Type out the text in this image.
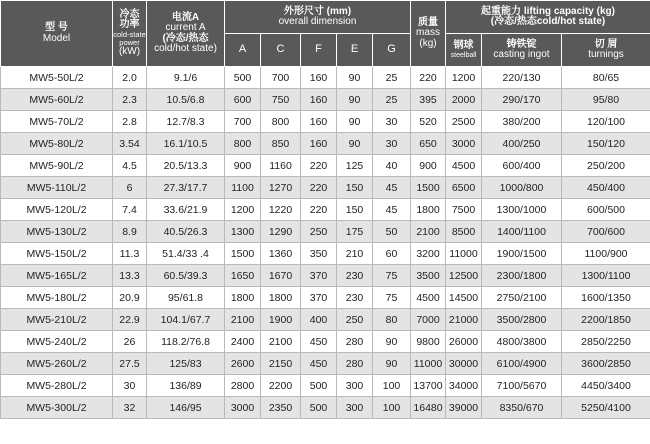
型 号
Model	冷态
功率
cold-state
power
(kW)	电流A
current A
(冷态/热态
cold/hot state)	外形尺寸 (mm)
overall dimension					质量
mass
(kg)	起重能力 lifting capacity (kg)
(冷态/热态cold/hot state)		

			A	C	F	E	G		钢球
steelball	铸铁锭
casting ingot	切 屑
turnings

MW5-50L/2	2.0	9.1/6	500	700	160	90	25	220	1200	220/130	80/65
MW5-60L/2	2.3	10.5/6.8	600	750	160	90	25	395	2000	290/170	95/80
MW5-70L/2	2.8	12.7/8.3	700	800	160	90	30	520	2500	380/200	120/100
MW5-80L/2	3.54	16.1/10.5	800	850	160	90	30	650	3000	400/250	150/120
MW5-90L/2	4.5	20.5/13.3	900	1160	220	125	40	900	4500	600/400	250/200
MW5-110L/2	6	27.3/17.7	1100	1270	220	150	45	1500	6500	1000/800	450/400
MW5-120L/2	7.4	33.6/21.9	1200	1220	220	150	45	1800	7500	1300/1000	600/500
MW5-130L/2	8.9	40.5/26.3	1300	1290	250	175	50	2100	8500	1400/1100	700/600
MW5-150L/2	11.3	51.4/33 .4	1500	1360	350	210	60	3200	11000	1900/1500	1100/900
MW5-165L/2	13.3	60.5/39.3	1650	1670	370	230	75	3500	12500	2300/1800	1300/1100
MW5-180L/2	20.9	95/61.8	1800	1800	370	230	75	4500	14500	2750/2100	1600/1350
MW5-210L/2	22.9	104.1/67.7	2100	1900	400	250	80	7000	21000	3500/2800	2200/1850
MW5-240L/2	26	118.2/76.8	2400	2100	450	280	90	9800	26000	4800/3800	2850/2250
MW5-260L/2	27.5	125/83	2600	2150	450	280	90	11000	30000	6100/4900	3600/2850
MW5-280L/2	30	136/89	2800	2200	500	300	100	13700	34000	7100/5670	4450/3400
MW5-300L/2	32	146/95	3000	2350	500	300	100	16480	39000	8350/670	5250/4100
